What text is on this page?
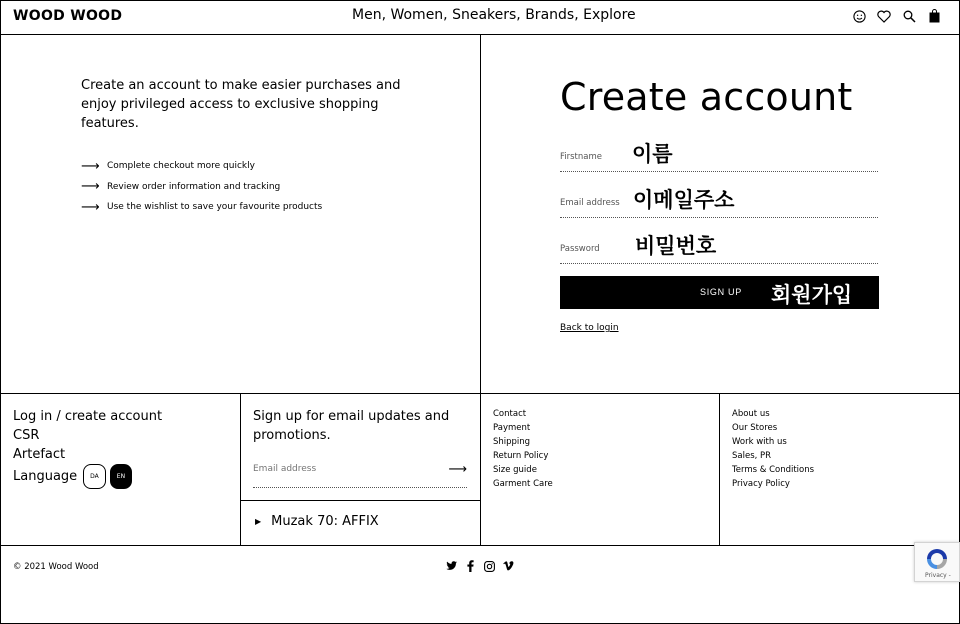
WOOD WOOD	Men, Women, Sneakers, Brands, Explore

Create an account to make easier purchases and enjoy privileged access to exclusive shopping features.

⟶ Complete checkout more quickly
⟶ Review order information and tracking
⟶ Use the wishlist to save your favourite products
Create account
Firstname 이름
Email address 이메일주소
Password 비밀번호
SIGN UP 회원가입
Back to login
Log in / create account
CSR
Artefact
Language	DA	EN
Sign up for email updates and promotions.
Email address
⟶
▶ Muzak 70: AFFIX
Contact
Payment
Shipping
Return Policy
Size guide
Garment Care
About us
Our Stores
Work with us
Sales, PR
Terms & Conditions
Privacy Policy
© 2021 Wood Wood
Privacy -
